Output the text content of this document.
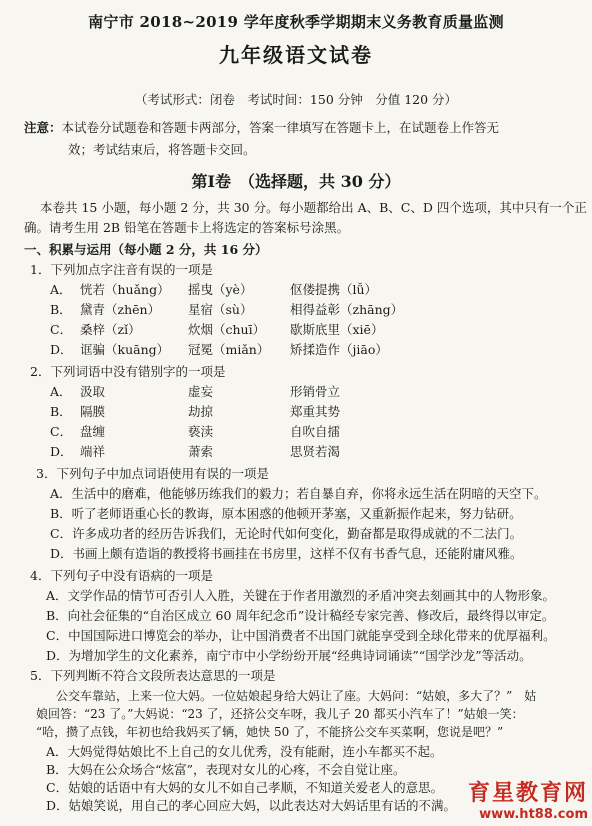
南宁市 2018~2019 学年度秋季学期期末义务教育质量监测
九年级语文试卷
（考试形式：闭卷　考试时间：150 分钟　分值 120 分）
注意：本试卷分试题卷和答题卡两部分，答案一律填写在答题卡上，在试题卷上作答无
效；考试结束后，将答题卡交回。
第Ⅰ卷　（选择题，共 30 分）
本卷共 15 小题，每小题 2 分，共 30 分。每小题都给出 A、B、C、D 四个选项，其中只有一个正
确。请考生用 2B 铅笔在答题卡上将选定的答案标号涂黑。
一、积累与运用（每小题 2 分，共 16 分）
1．下列加点字注音有误的一项是
A． 恍若（huǎng） 摇曳（yè）	伛偻提携（lǚ）
B． 黛青（zhēn） 星宿（sù）	相得益彰（zhāng）
C． 桑梓（zǐ）	炊烟（chuī） 歇斯底里（xiē）
D． 诓骗（kuāng） 冠冕（miǎn） 矫揉造作（jiāo）
2．下列词语中没有错别字的一项是
A． 汲取	虚妄	形销骨立
B． 隔膜	劫掠	郑重其势
C． 盘缠	亵渎	自吹自擂
D． 端祥	萧索	思贤若渴
3．下列句子中加点词语使用有误的一项是
A．生活中的磨难，他能够历练我们的毅力；若自暴自弃，你将永远生活在阴暗的天空下。
B．听了老师语重心长的教诲，原本困惑的他顿开茅塞，又重新振作起来，努力钻研。
C．许多成功者的经历告诉我们，无论时代如何变化，勤奋都是取得成就的不二法门。
D．书画上颇有造诣的教授将书画挂在书房里，这样不仅有书香气息，还能附庸风雅。
4．下列句子中没有语病的一项是
A．文学作品的情节可否引人入胜，关键在于作者用激烈的矛盾冲突去刻画其中的人物形象。
B．向社会征集的“自治区成立 60 周年纪念币”设计稿经专家完善、修改后，最终得以审定。
C．中国国际进口博览会的举办，让中国消费者不出国门就能享受到全球化带来的优厚福利。
D．为增加学生的文化素养，南宁市中小学纷纷开展“经典诗词诵读”“国学沙龙”等活动。
5．下列判断不符合文段所表达意思的一项是
公交车靠站，上来一位大妈。一位姑娘起身给大妈让了座。大妈问：“姑娘，多大了？”　姑
娘回答：“23 了。”大妈说：“23 了，还挤公交车呀，我儿子 20 都买小汽车了！”姑娘一笑：
“哈，攒了点钱，年初也给我妈买了辆，她快 50 了，不能挤公交车买菜啊，您说是吧？”
A．大妈觉得姑娘比不上自己的女儿优秀，没有能耐，连小车都买不起。
B．大妈在公众场合“炫富”，表现对女儿的心疼，不会自觉让座。
C．姑娘的话语中有大妈的女儿不如自己孝顺，不知道关爱老人的意思。
D．姑娘笑说，用自己的孝心回应大妈，以此表达对大妈话里有话的不满。 育星教育网
www.ht88.com
